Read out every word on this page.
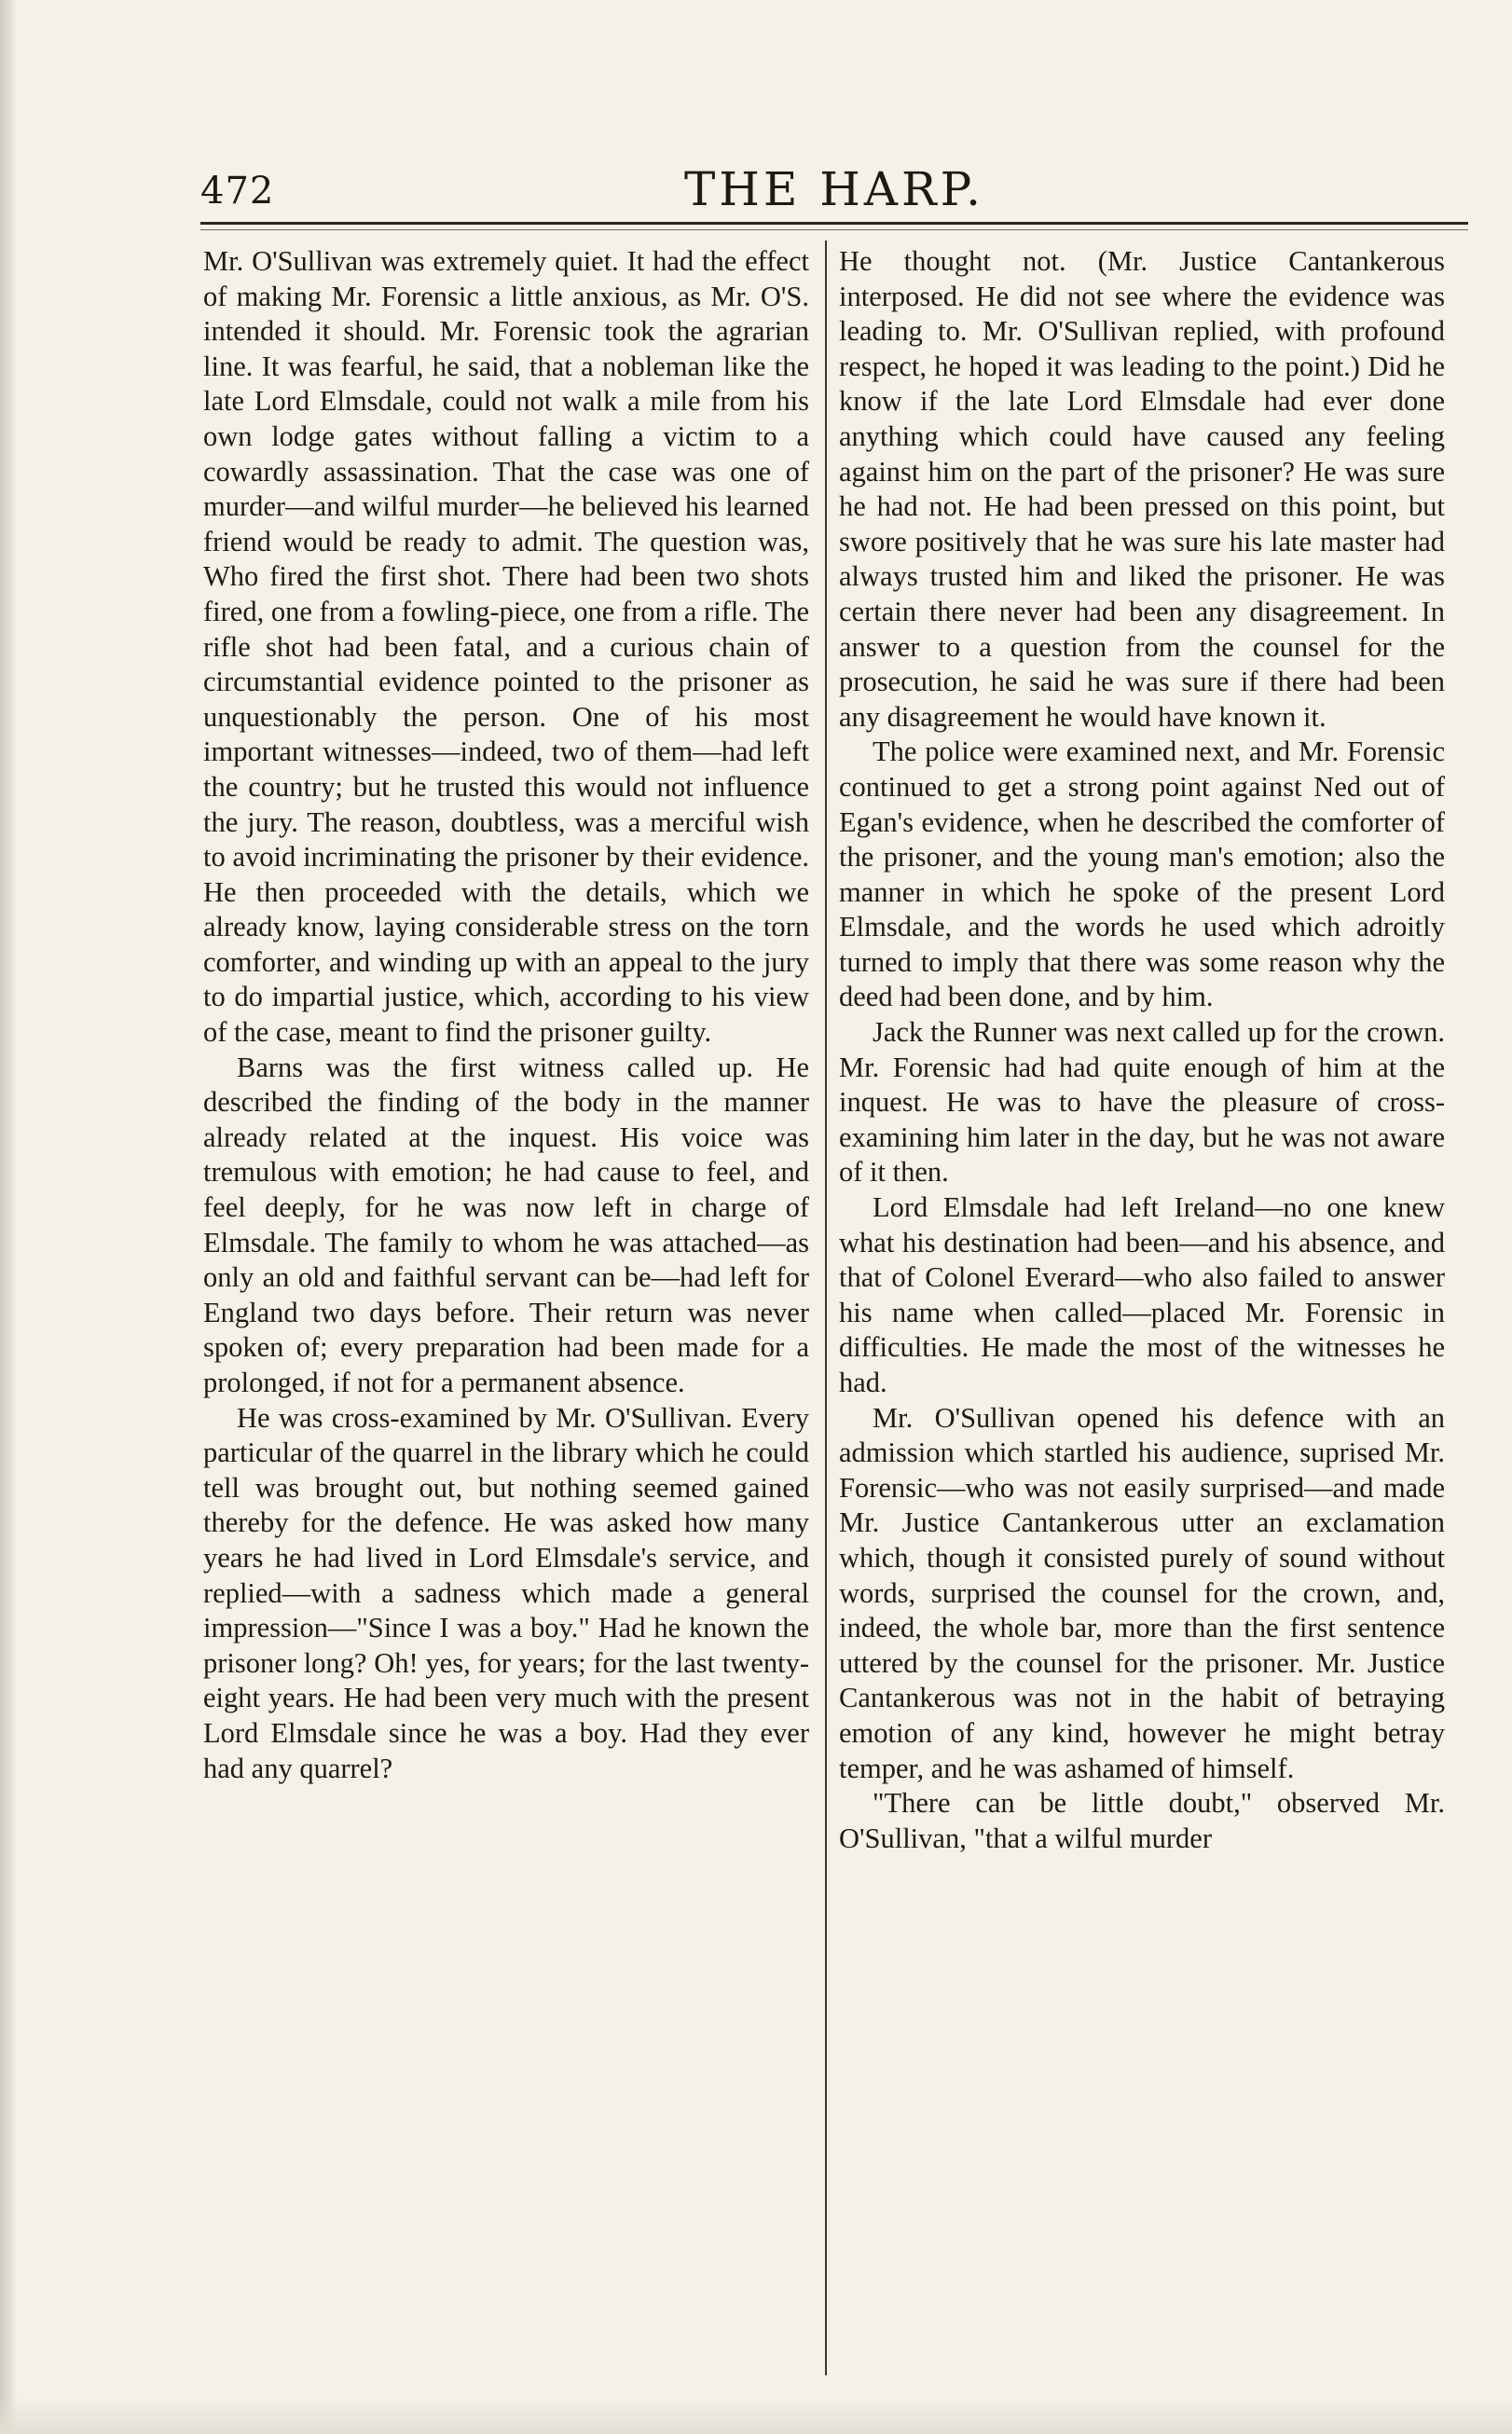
472	THE HARP.

Mr. O'Sullivan was extremely quiet. It had the effect of making Mr. Forensic a little anxious, as Mr. O'S. intended it should. Mr. Forensic took the agrarian line. It was fearful, he said, that a nobleman like the late Lord Elmsdale, could not walk a mile from his own lodge gates without falling a victim to a cowardly assassination. That the case was one of murder—and wilful murder—he believed his learned friend would be ready to admit. The question was, Who fired the first shot. There had been two shots fired, one from a fowling-piece, one from a rifle. The rifle shot had been fatal, and a curious chain of circumstantial evidence pointed to the prisoner as unquestionably the person. One of his most important witnesses—indeed, two of them—had left the country; but he trusted this would not influence the jury. The reason, doubtless, was a merciful wish to avoid incriminating the prisoner by their evidence. He then proceeded with the details, which we already know, laying considerable stress on the torn comforter, and winding up with an appeal to the jury to do impartial justice, which, according to his view of the case, meant to find the prisoner guilty.

Barns was the first witness called up. He described the finding of the body in the manner already related at the inquest. His voice was tremulous with emotion; he had cause to feel, and feel deeply, for he was now left in charge of Elmsdale. The family to whom he was attached—as only an old and faithful servant can be—had left for England two days before. Their return was never spoken of; every preparation had been made for a prolonged, if not for a permanent absence.

He was cross-examined by Mr. O'Sullivan. Every particular of the quarrel in the library which he could tell was brought out, but nothing seemed gained thereby for the defence. He was asked how many years he had lived in Lord Elmsdale's service, and replied—with a sadness which made a general impression—"Since I was a boy." Had he known the prisoner long? Oh! yes, for years; for the last twenty-eight years. He had been very much with the present Lord Elmsdale since he was a boy. Had they ever had any quarrel?

He thought not. (Mr. Justice Cantankerous interposed. He did not see where the evidence was leading to. Mr. O'Sullivan replied, with profound respect, he hoped it was leading to the point.) Did he know if the late Lord Elmsdale had ever done anything which could have caused any feeling against him on the part of the prisoner? He was sure he had not. He had been pressed on this point, but swore positively that he was sure his late master had always trusted him and liked the prisoner. He was certain there never had been any disagreement. In answer to a question from the counsel for the prosecution, he said he was sure if there had been any disagreement he would have known it.

The police were examined next, and Mr. Forensic continued to get a strong point against Ned out of Egan's evidence, when he described the comforter of the prisoner, and the young man's emotion; also the manner in which he spoke of the present Lord Elmsdale, and the words he used which adroitly turned to imply that there was some reason why the deed had been done, and by him.

Jack the Runner was next called up for the crown. Mr. Forensic had had quite enough of him at the inquest. He was to have the pleasure of cross-examining him later in the day, but he was not aware of it then.

Lord Elmsdale had left Ireland—no one knew what his destination had been—and his absence, and that of Colonel Everard—who also failed to answer his name when called—placed Mr. Forensic in difficulties. He made the most of the witnesses he had.

Mr. O'Sullivan opened his defence with an admission which startled his audience, suprised Mr. Forensic—who was not easily surprised—and made Mr. Justice Cantankerous utter an exclamation which, though it consisted purely of sound without words, surprised the counsel for the crown, and, indeed, the whole bar, more than the first sentence uttered by the counsel for the prisoner. Mr. Justice Cantankerous was not in the habit of betraying emotion of any kind, however he might betray temper, and he was ashamed of himself.

"There can be little doubt," observed Mr. O'Sullivan, "that a wilful murder
